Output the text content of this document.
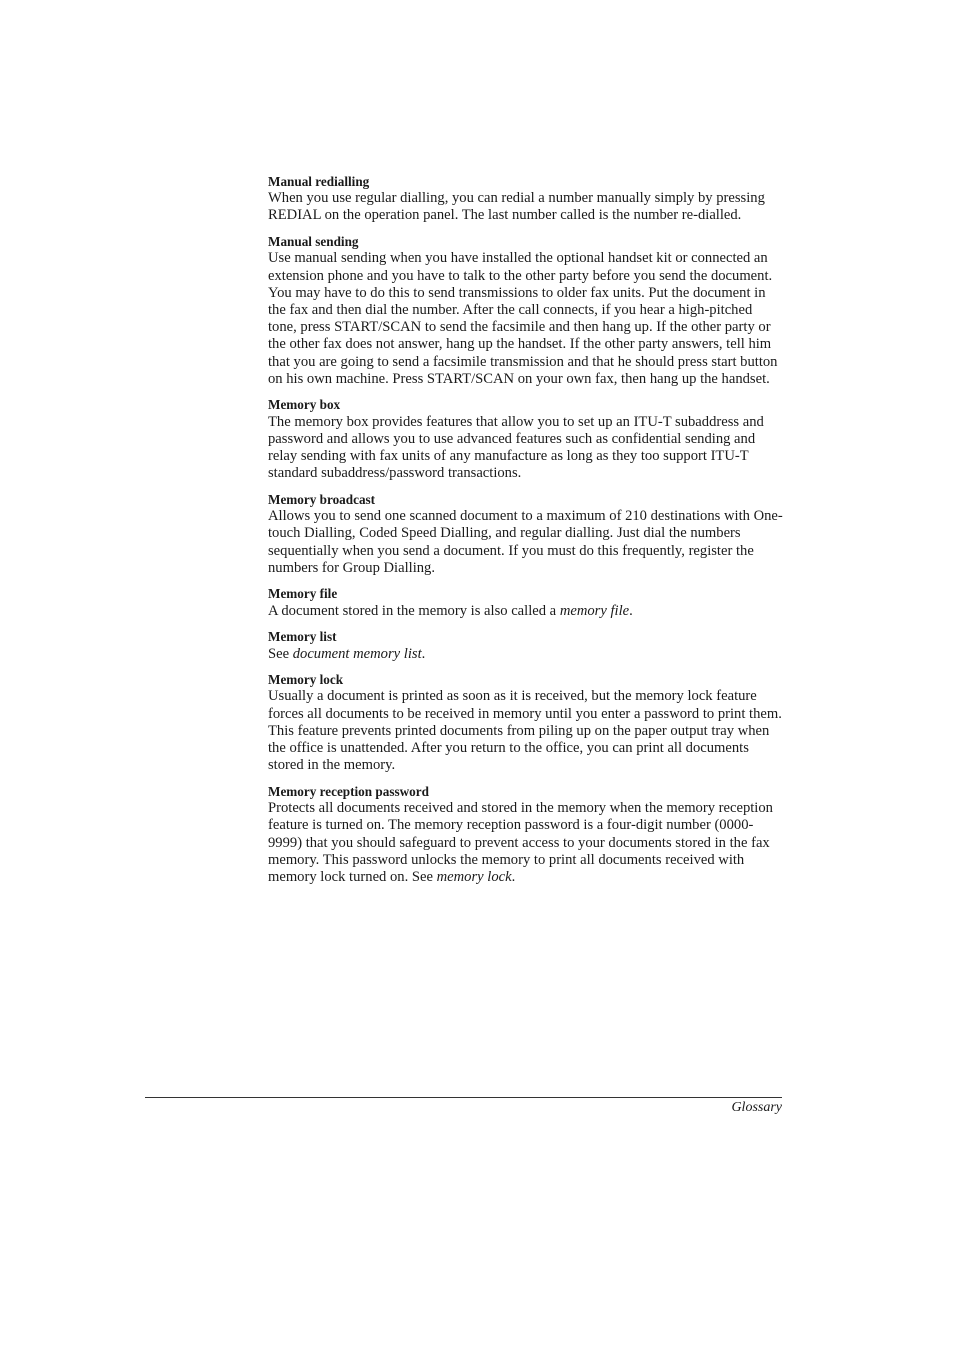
Manual redialling
When you use regular dialling, you can redial a number manually simply by pressing REDIAL on the operation panel. The last number called is the number re-dialled.
Manual sending
Use manual sending when you have installed the optional handset kit or connected an extension phone and you have to talk to the other party before you send the document. You may have to do this to send transmissions to older fax units. Put the document in the fax and then dial the number. After the call connects, if you hear a high-pitched tone, press START/SCAN to send the facsimile and then hang up. If the other party or the other fax does not answer, hang up the handset. If the other party answers, tell him that you are going to send a facsimile transmission and that he should press start button on his own machine. Press START/SCAN on your own fax, then hang up the handset.
Memory box
The memory box provides features that allow you to set up an ITU-T subaddress and password and allows you to use advanced features such as confidential sending and relay sending with fax units of any manufacture as long as they too support ITU-T standard subaddress/password transactions.
Memory broadcast
Allows you to send one scanned document to a maximum of 210 destinations with One-touch Dialling, Coded Speed Dialling, and regular dialling. Just dial the numbers sequentially when you send a document. If you must do this frequently, register the numbers for Group Dialling.
Memory file
A document stored in the memory is also called a memory file.
Memory list
See document memory list.
Memory lock
Usually a document is printed as soon as it is received, but the memory lock feature forces all documents to be received in memory until you enter a password to print them. This feature prevents printed documents from piling up on the paper output tray when the office is unattended. After you return to the office, you can print all documents stored in the memory.
Memory reception password
Protects all documents received and stored in the memory when the memory reception feature is turned on. The memory reception password is a four-digit number (0000-9999) that you should safeguard to prevent access to your documents stored in the fax memory. This password unlocks the memory to print all documents received with memory lock turned on. See memory lock.
Glossary
